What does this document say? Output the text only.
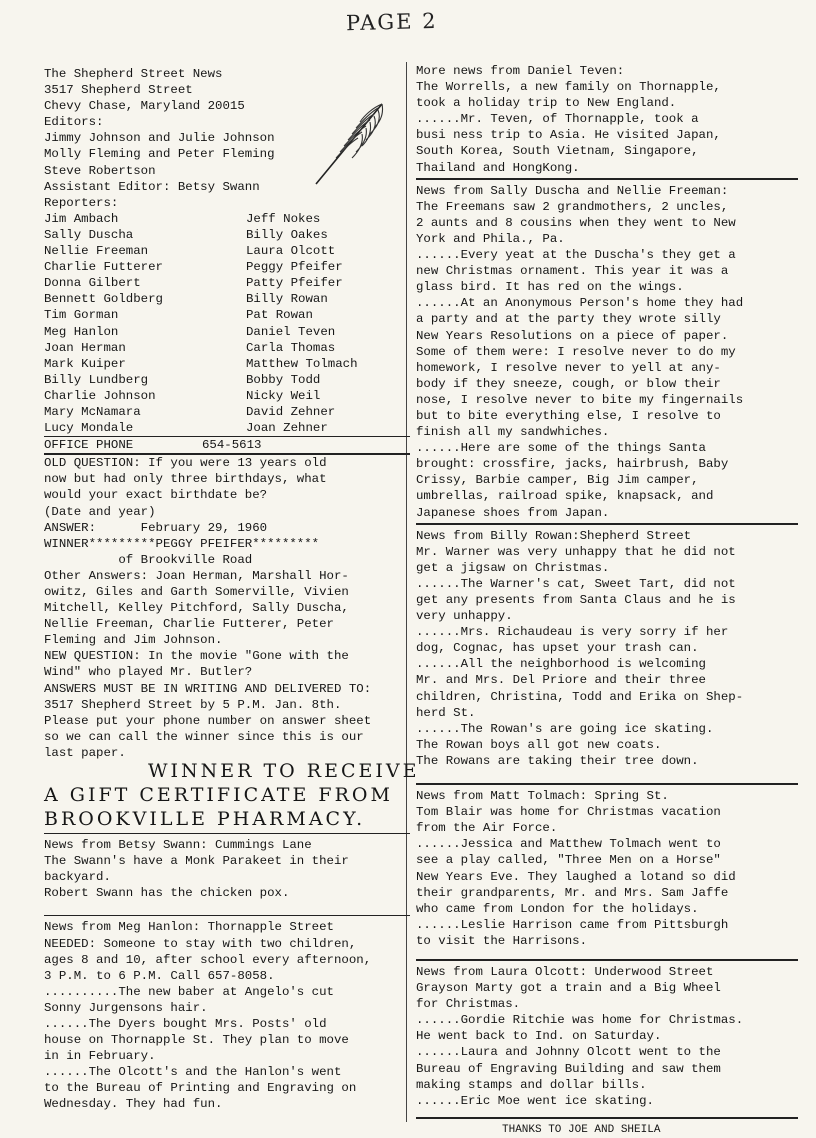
PAGE 2
The Shepherd Street News
3517 Shepherd Street
Chevy Chase, Maryland 20015
Editors:
Jimmy Johnson and Julie Johnson
Molly Fleming and Peter Fleming
Steve Robertson
Assistant Editor: Betsy Swann
Reporters:
Jim Ambach
Sally Duscha
Nellie Freeman
Charlie Futterer
Donna Gilbert
Bennett Goldberg
Tim Gorman
Meg Hanlon
Joan Herman
Mark Kuiper
Billy Lundberg
Charlie Johnson
Mary McNamara
Lucy Mondale
Jeff Nokes
Billy Oakes
Laura Olcott
Peggy Pfeifer
Patty Pfeifer
Billy Rowan
Pat Rowan
Daniel Teven
Carla Thomas
Matthew Tolmach
Bobby Todd
Nicky Weil
David Zehner
Joan Zehner
OFFICE PHONE	654-5613
OLD QUESTION: If you were 13 years old
now but had only three birthdays, what
would your exact birthdate be?
(Date and year)
ANSWER:      February 29, 1960
WINNER*********PEGGY PFEIFER*********
of Brookville Road
Other Answers: Joan Herman, Marshall Hor-
owitz, Giles and Garth Somerville, Vivien
Mitchell, Kelley Pitchford, Sally Duscha,
Nellie Freeman, Charlie Futterer, Peter
Fleming and Jim Johnson.
NEW QUESTION: In the movie "Gone with the
Wind" who played Mr. Butler?
ANSWERS MUST BE IN WRITING AND DELIVERED TO:
3517 Shepherd Street by 5 P.M. Jan. 8th.
Please put your phone number on answer sheet
so we can call the winner since this is our
last paper.
WINNER TO RECEIVE
A GIFT CERTIFICATE FROM
BROOKVILLE PHARMACY.
News from Betsy Swann: Cummings Lane
The Swann's have a Monk Parakeet in their
backyard.
Robert Swann has the chicken pox.
News from Meg Hanlon: Thornapple Street
NEEDED: Someone to stay with two children,
ages 8 and 10, after school every afternoon,
3 P.M. to 6 P.M. Call 657-8058.
..........The new baber at Angelo's cut
Sonny Jurgensons hair.
......The Dyers bought Mrs. Posts' old
house on Thornapple St. They plan to move
in in February.
......The Olcott's and the Hanlon's went
to the Bureau of Printing and Engraving on
Wednesday. They had fun.
More news from Daniel Teven:
The Worrells, a new family on Thornapple,
took a holiday trip to New England.
......Mr. Teven, of Thornapple, took a
busi ness trip to Asia. He visited Japan,
South Korea, South Vietnam, Singapore,
Thailand and HongKong.
News from Sally Duscha and Nellie Freeman:
The Freemans saw 2 grandmothers, 2 uncles,
2 aunts and 8 cousins when they went to New
York and Phila., Pa.
......Every yeat at the Duscha's they get a
new Christmas ornament. This year it was a
glass bird. It has red on the wings.
......At an Anonymous Person's home they had
a party and at the party they wrote silly
New Years Resolutions on a piece of paper.
Some of them were: I resolve never to do my
homework, I resolve never to yell at any-
body if they sneeze, cough, or blow their
nose, I resolve never to bite my fingernails
but to bite everything else, I resolve to
finish all my sandwhiches.
......Here are some of the things Santa
brought: crossfire, jacks, hairbrush, Baby
Crissy, Barbie camper, Big Jim camper,
umbrellas, railroad spike, knapsack, and
Japanese shoes from Japan.
News from Billy Rowan:Shepherd Street
Mr. Warner was very unhappy that he did not
get a jigsaw on Christmas.
......The Warner's cat, Sweet Tart, did not
get any presents from Santa Claus and he is
very unhappy.
......Mrs. Richaudeau is very sorry if her
dog, Cognac, has upset your trash can.
......All the neighborhood is welcoming
Mr. and Mrs. Del Priore and their three
children, Christina, Todd and Erika on Shep-
herd St.
......The Rowan's are going ice skating.
The Rowan boys all got new coats.
The Rowans are taking their tree down.
News from Matt Tolmach: Spring St.
Tom Blair was home for Christmas vacation
from the Air Force.
......Jessica and Matthew Tolmach went to
see a play called, "Three Men on a Horse"
New Years Eve. They laughed a lotand so did
their grandparents, Mr. and Mrs. Sam Jaffe
who came from London for the holidays.
......Leslie Harrison came from Pittsburgh
to visit the Harrisons.
News from Laura Olcott: Underwood Street
Grayson Marty got a train and a Big Wheel
for Christmas.
......Gordie Ritchie was home for Christmas.
He went back to Ind. on Saturday.
......Laura and Johnny Olcott went to the
Bureau of Engraving Building and saw them
making stamps and dollar bills.
......Eric Moe went ice skating.
THANKS TO JOE AND SHEILA
